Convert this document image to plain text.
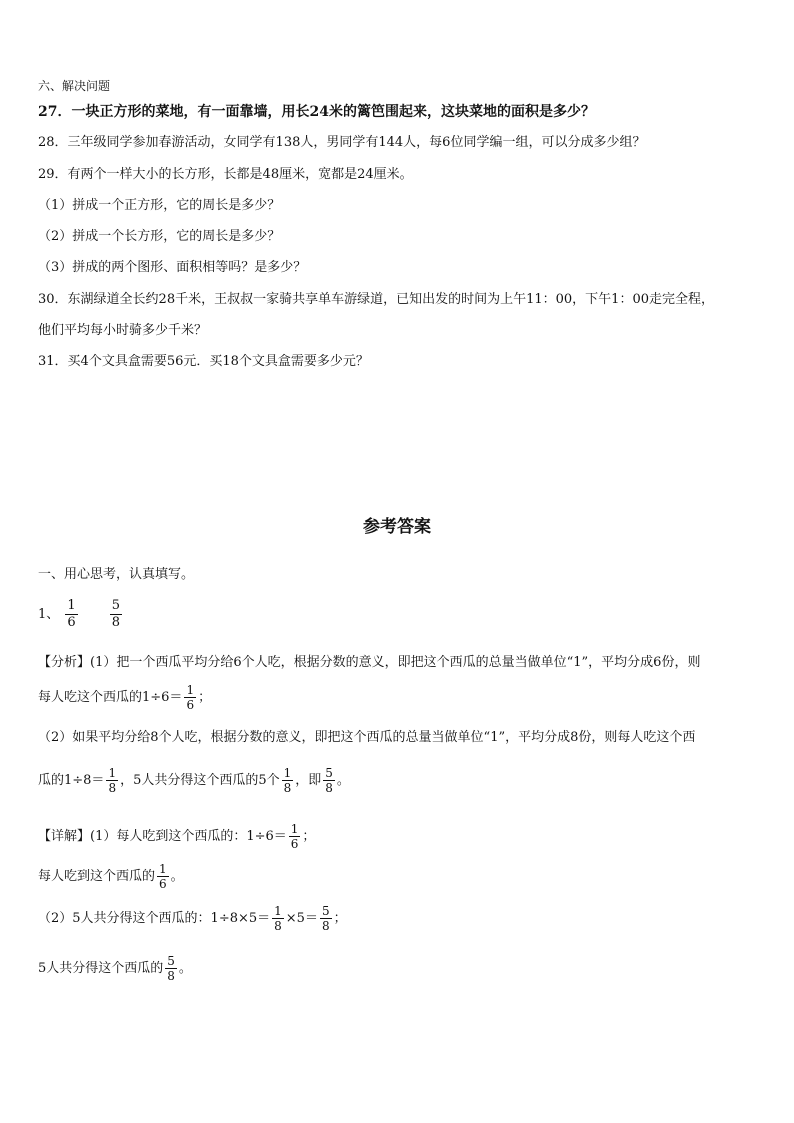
六、解决问题
27．一块正方形的菜地，有一面靠墙，用长24米的篱笆围起来，这块菜地的面积是多少？
28．三年级同学参加春游活动，女同学有138人，男同学有144人，每6位同学编一组，可以分成多少组？
29．有两个一样大小的长方形，长都是48厘米，宽都是24厘米。
（1）拼成一个正方形，它的周长是多少？
（2）拼成一个长方形，它的周长是多少？
（3）拼成的两个图形、面积相等吗？是多少？
30．东湖绿道全长约28千米，王叔叔一家骑共享单车游绿道，已知出发的时间为上午11：00，下午1：00走完全程，
他们平均每小时骑多少千米？
31．买4个文具盒需要56元．买18个文具盒需要多少元？
参考答案
一、用心思考，认真填写。
1、 $\frac{1}{6} \frac{5}{8}$
【分析】(1）把一个西瓜平均分给6个人吃，根据分数的意义，即把这个西瓜的总量当做单位“1”，平均分成6份，则
每人吃这个西瓜的$1\div 6= \frac{1}{6}$ ；
（2）如果平均分给8个人吃，根据分数的意义，即把这个西瓜的总量当做单位“1”，平均分成8份，则每人吃这个西
瓜的$1\div 8= \frac{1}{8}$ ，5人共分得这个西瓜的5个 $\frac{1}{8}$ ，即 $\frac{5}{8}$ 。
【详解】(1）每人吃到这个西瓜的：$1\div 6= \frac{1}{6}$ ；
每人吃到这个西瓜的 $\frac{1}{6}$ 。
（2）5人共分得这个西瓜的：$1\div 8\times 5= \frac{1}{8} \times 5= \frac{5}{8}$ ；
5人共分得这个西瓜的 $\frac{5}{8}$ 。
